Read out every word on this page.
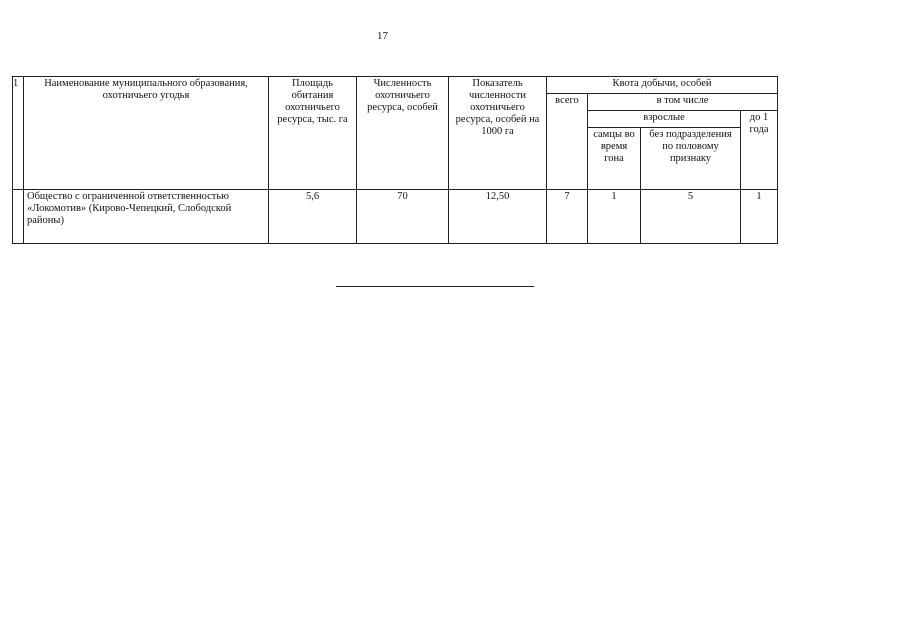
17
1	Наименование муниципального образования, охотничьего угодья	Площадь обитания охотничьего ресурса, тыс. га	Численность охотничьего ресурса, особей	Показатель численности охотничьего ресурса, особей на 1000 га	Квота добычи, особей			
					всего	в том числе		
						взрослые		до 1 года
						самцы во время гона	без подразделения по половому признаку	
	Общество с ограниченной ответственностью «Локомотив» (Кирово-Чепецкий, Слободской районы)	5,6	70	12,50	7	1	5	1
